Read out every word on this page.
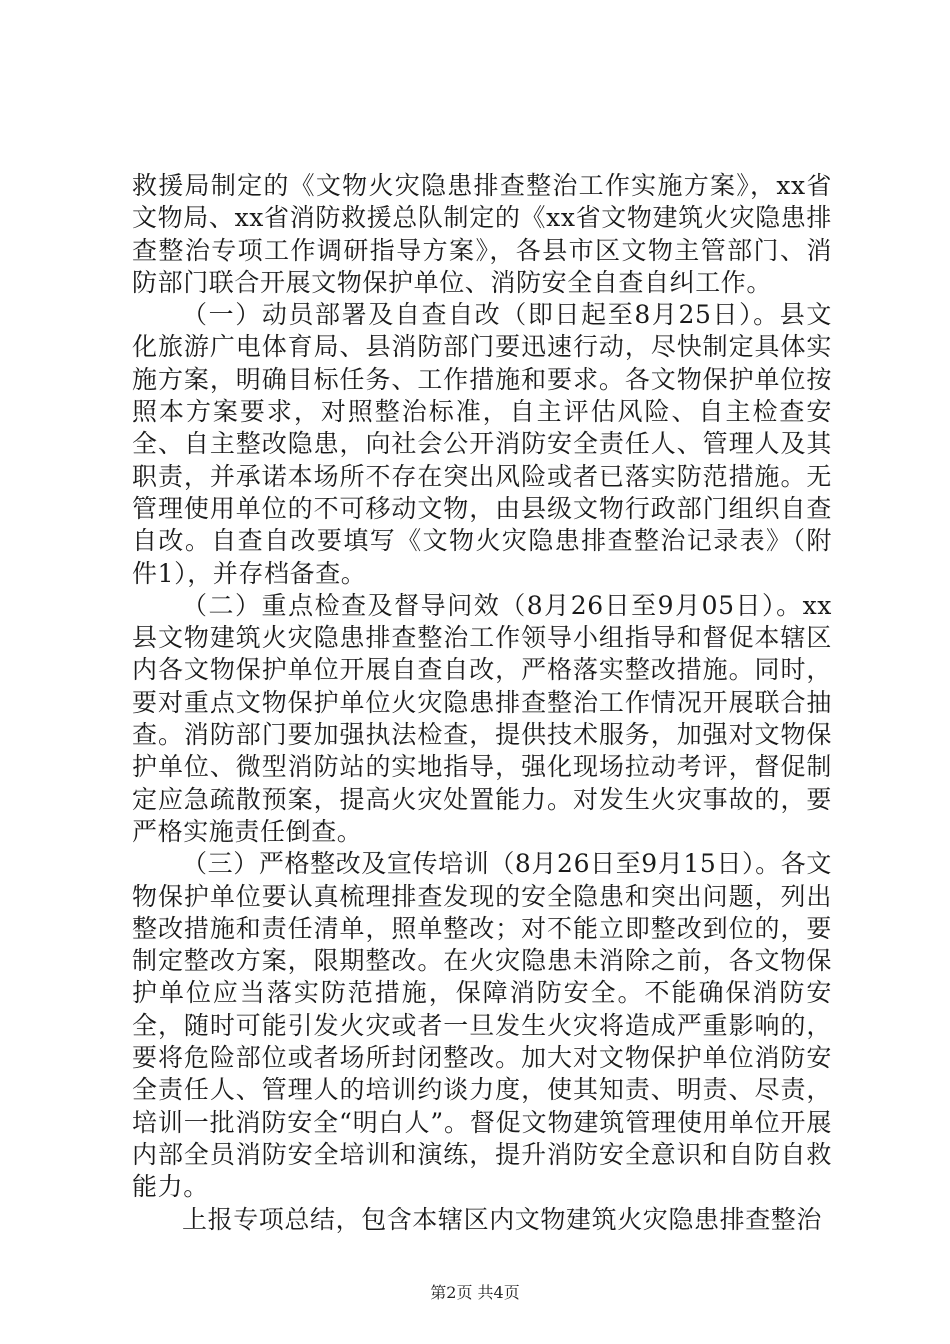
救援局制定的《文物火灾隐患排查整治工作实施方案》，xx省文物局、xx省消防救援总队制定的《xx省文物建筑火灾隐患排查整治专项工作调研指导方案》，各县市区文物主管部门、消防部门联合开展文物保护单位、消防安全自查自纠工作。

（一）动员部署及自查自改（即日起至8月25日）。县文化旅游广电体育局、县消防部门要迅速行动，尽快制定具体实施方案，明确目标任务、工作措施和要求。各文物保护单位按照本方案要求，对照整治标准，自主评估风险、自主检查安全、自主整改隐患，向社会公开消防安全责任人、管理人及其职责，并承诺本场所不存在突出风险或者已落实防范措施。无管理使用单位的不可移动文物，由县级文物行政部门组织自查自改。自查自改要填写《文物火灾隐患排查整治记录表》（附件1），并存档备查。

（二）重点检查及督导问效（8月26日至9月05日）。xx县文物建筑火灾隐患排查整治工作领导小组指导和督促本辖区内各文物保护单位开展自查自改，严格落实整改措施。同时，要对重点文物保护单位火灾隐患排查整治工作情况开展联合抽查。消防部门要加强执法检查，提供技术服务，加强对文物保护单位、微型消防站的实地指导，强化现场拉动考评，督促制定应急疏散预案，提高火灾处置能力。对发生火灾事故的，要严格实施责任倒查。

（三）严格整改及宣传培训（8月26日至9月15日）。各文物保护单位要认真梳理排查发现的安全隐患和突出问题，列出整改措施和责任清单，照单整改；对不能立即整改到位的，要制定整改方案，限期整改。在火灾隐患未消除之前，各文物保护单位应当落实防范措施，保障消防安全。不能确保消防安全，随时可能引发火灾或者一旦发生火灾将造成严重影响的，要将危险部位或者场所封闭整改。加大对文物保护单位消防安全责任人、管理人的培训约谈力度，使其知责、明责、尽责，培训一批消防安全“明白人”。督促文物建筑管理使用单位开展内部全员消防安全培训和演练，提升消防安全意识和自防自救能力。

上报专项总结，包含本辖区内文物建筑火灾隐患排查整治

第2页 共4页
